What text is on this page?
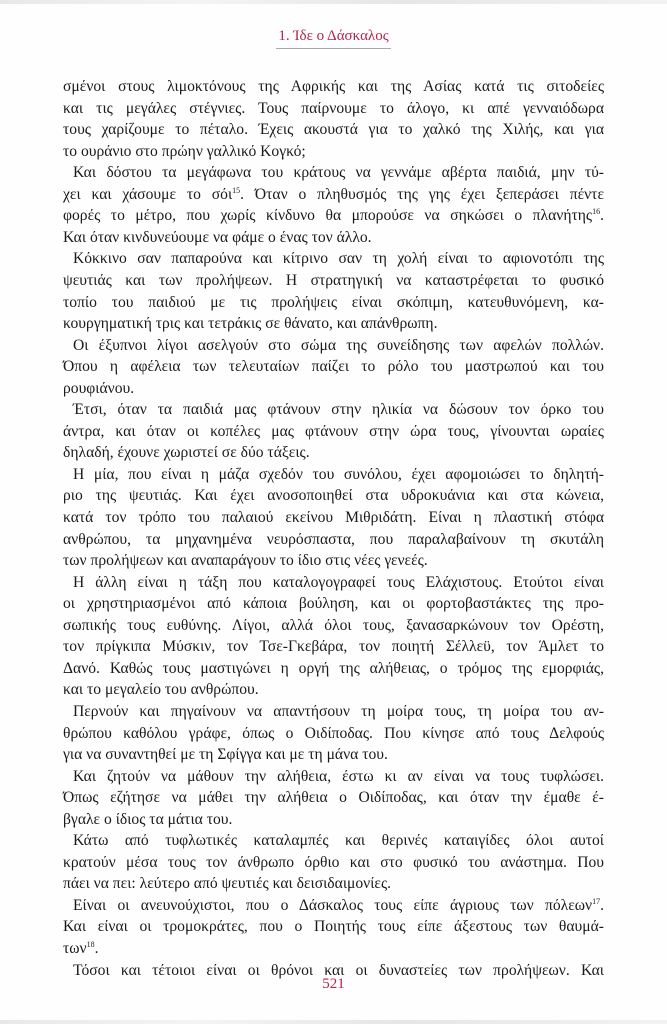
1. Ίδε ο Δάσκαλος
σμένοι στους λιμοκτόνους της Αφρικής και της Ασίας κατά τις σιτοδείες
και τις μεγάλες στέγνιες. Τους παίρνουμε το άλογο, κι απέ γενναιόδωρα
τους χαρίζουμε το πέταλο. Έχεις ακουστά για το χαλκό της Χιλής, και για
το ουράνιο στο πρώην γαλλικό Κογκό;
Και δόστου τα μεγάφωνα του κράτους να γεννάμε αβέρτα παιδιά, μην τύ-
χει και χάσουμε το σόι$^{15}$. Όταν ο πληθυσμός της γης έχει ξεπεράσει πέντε
φορές το μέτρο, που χωρίς κίνδυνο θα μπορούσε να σηκώσει ο πλανήτης$^{16}$.
Και όταν κινδυνεύουμε να φάμε ο ένας τον άλλο.
Κόκκινο σαν παπαρούνα και κίτρινο σαν τη χολή είναι το αφιονοτόπι της
ψευτιάς και των προλήψεων. Η στρατηγική να καταστρέφεται το φυσικό
τοπίο του παιδιού με τις προλήψεις είναι σκόπιμη, κατευθυνόμενη, κα-
κουργηματική τρις και τετράκις σε θάνατο, και απάνθρωπη.
Οι έξυπνοι λίγοι ασελγούν στο σώμα της συνείδησης των αφελών πολλών.
Όπου η αφέλεια των τελευταίων παίζει το ρόλο του μαστρωπού και του
ρουφιάνου.
Έτσι, όταν τα παιδιά μας φτάνουν στην ηλικία να δώσουν τον όρκο του
άντρα, και όταν οι κοπέλες μας φτάνουν στην ώρα τους, γίνουνται ωραίες
δηλαδή, έχουνε χωριστεί σε δύο τάξεις.
Η μία, που είναι η μάζα σχεδόν του συνόλου, έχει αφομοιώσει το δηλητή-
ριο της ψευτιάς. Και έχει ανοσοποιηθεί στα υδροκυάνια και στα κώνεια,
κατά τον τρόπο του παλαιού εκείνου Μιθριδάτη. Είναι η πλαστική στόφα
ανθρώπου, τα μηχανημένα νευρόσπαστα, που παραλαβαίνουν τη σκυτάλη
των προλήψεων και αναπαράγουν το ίδιο στις νέες γενεές.
Η άλλη είναι η τάξη που καταλογογραφεί τους Ελάχιστους. Ετούτοι είναι
οι χρηστηριασμένοι από κάποια βούληση, και οι φορτοβαστάκτες της προ-
σωπικής τους ευθύνης. Λίγοι, αλλά όλοι τους, ξανασαρκώνουν τον Ορέστη,
τον πρίγκιπα Μύσκιν, τον Τσε-Γκεβάρα, τον ποιητή Σέλλεϋ, τον Άμλετ το
Δανό. Καθώς τους μαστιγώνει η οργή της αλήθειας, ο τρόμος της εμορφιάς,
και το μεγαλείο του ανθρώπου.
Περνούν και πηγαίνουν να απαντήσουν τη μοίρα τους, τη μοίρα του αν-
θρώπου καθόλου γράφε, όπως ο Οιδίποδας. Που κίνησε από τους Δελφούς
για να συναντηθεί με τη Σφίγγα και με τη μάνα του.
Και ζητούν να μάθουν την αλήθεια, έστω κι αν είναι να τους τυφλώσει.
Όπως εζήτησε να μάθει την αλήθεια ο Οιδίποδας, και όταν την έμαθε έ-
βγαλε ο ίδιος τα μάτια του.
Κάτω από τυφλωτικές καταλαμπές και θερινές καταιγίδες όλοι αυτοί
κρατούν μέσα τους τον άνθρωπο όρθιο και στο φυσικό του ανάστημα. Που
πάει να πει: λεύτερο από ψευτιές και δεισιδαιμονίες.
Είναι οι ανευνούχιστοι, που ο Δάσκαλος τους είπε άγριους των πόλεων$^{17}$.
Και είναι οι τρομοκράτες, που ο Ποιητής τους είπε άξεστους των θαυμά-
των$^{18}$.
Τόσοι και τέτοιοι είναι οι θρόνοι και οι δυναστείες των προλήψεων. Και
521
